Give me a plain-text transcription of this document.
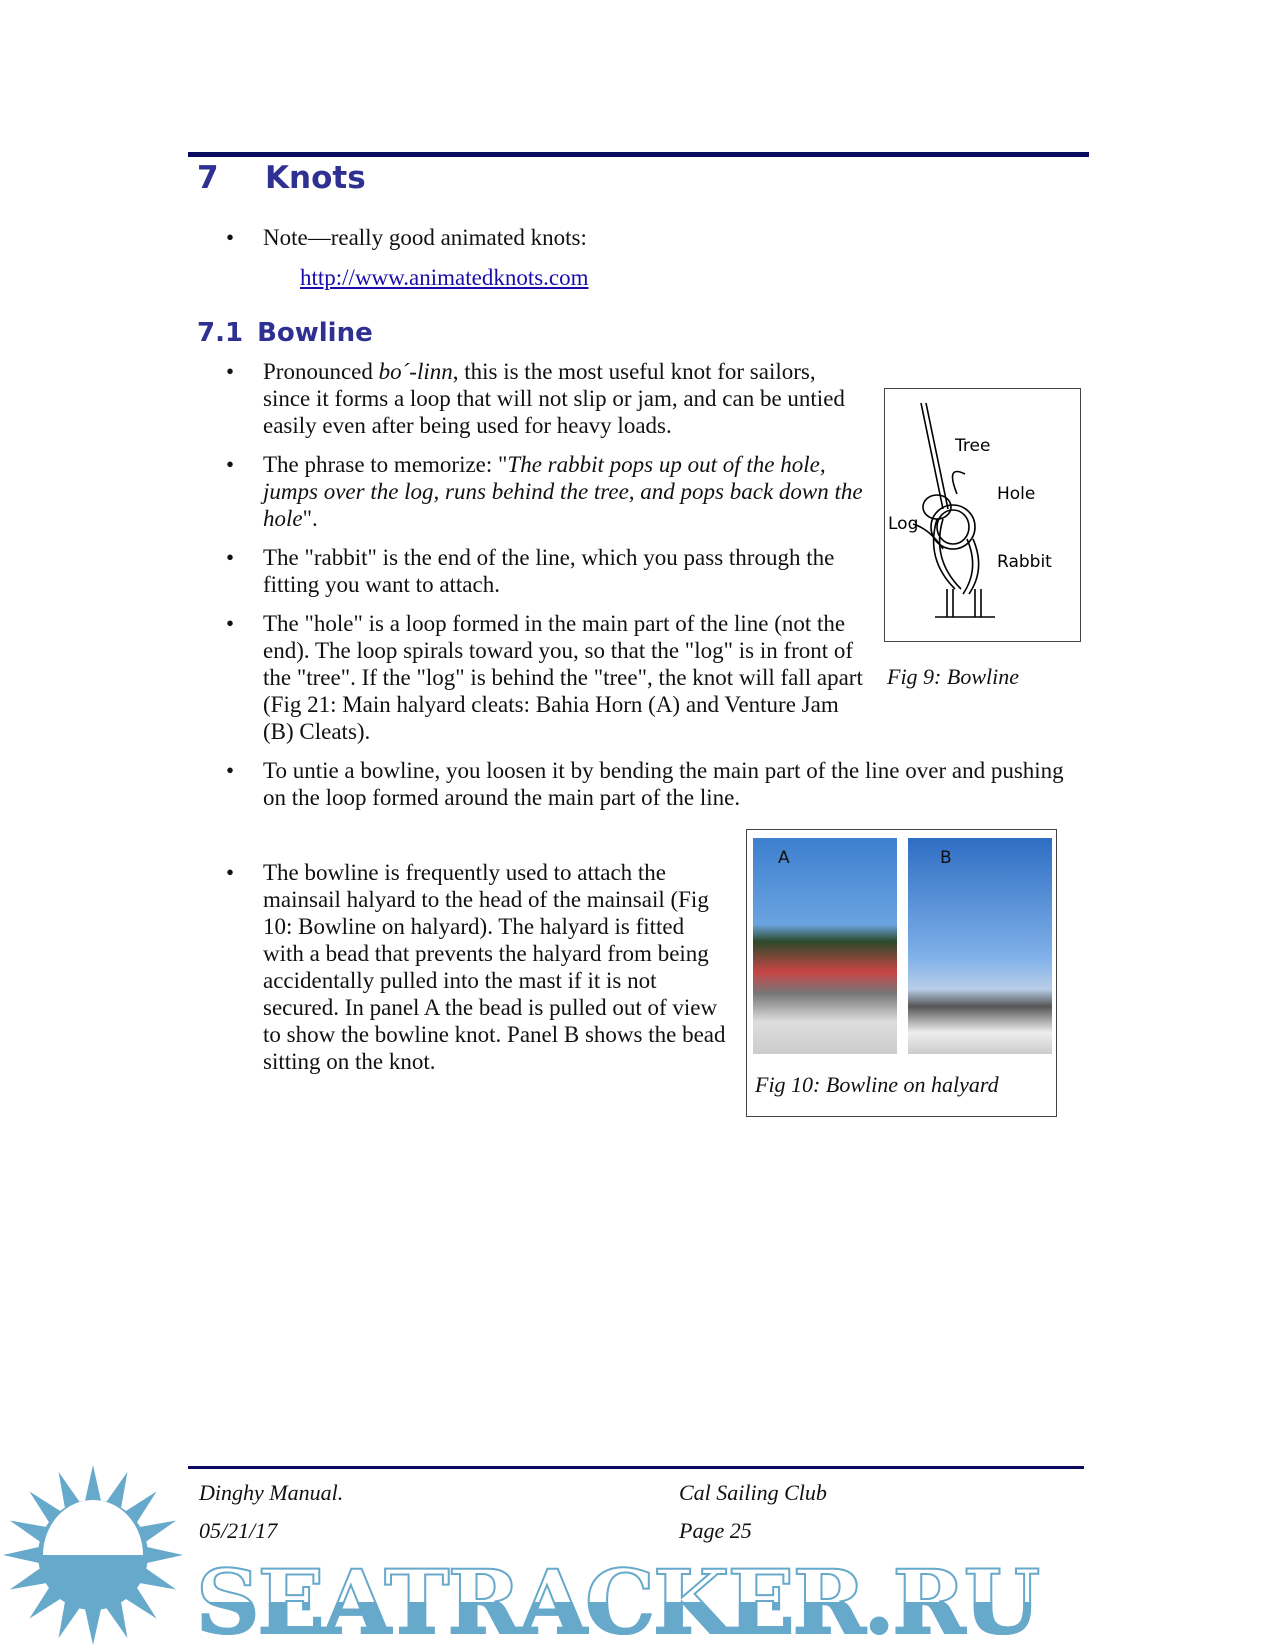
7 Knots
• Note—really good animated knots:
http://www.animatedknots.com
7.1 Bowline
• Pronounced bo´-linn, this is the most useful knot for sailors, since it forms a loop that will not slip or jam, and can be untied easily even after being used for heavy loads.
• The phrase to memorize: "The rabbit pops up out of the hole, jumps over the log, runs behind the tree, and pops back down the hole".
• The "rabbit" is the end of the line, which you pass through the fitting you want to attach.
• The "hole" is a loop formed in the main part of the line (not the end). The loop spirals toward you, so that the "log" is in front of the "tree". If the "log" is behind the "tree", the knot will fall apart (Fig 21: Main halyard cleats: Bahia Horn (A) and Venture Jam (B) Cleats).
Tree
Hole
Log
Rabbit
Fig 9: Bowline
• To untie a bowline, you loosen it by bending the main part of the line over and pushing on the loop formed around the main part of the line.
• The bowline is frequently used to attach the mainsail halyard to the head of the mainsail (Fig 10: Bowline on halyard). The halyard is fitted with a bead that prevents the halyard from being accidentally pulled into the mast if it is not secured. In panel A the bead is pulled out of view to show the bowline knot. Panel B shows the bead sitting on the knot.
A	B
Fig 10: Bowline on halyard
Dinghy Manual.
05/21/17
Cal Sailing Club
Page 25
SEATRACKER.RU
